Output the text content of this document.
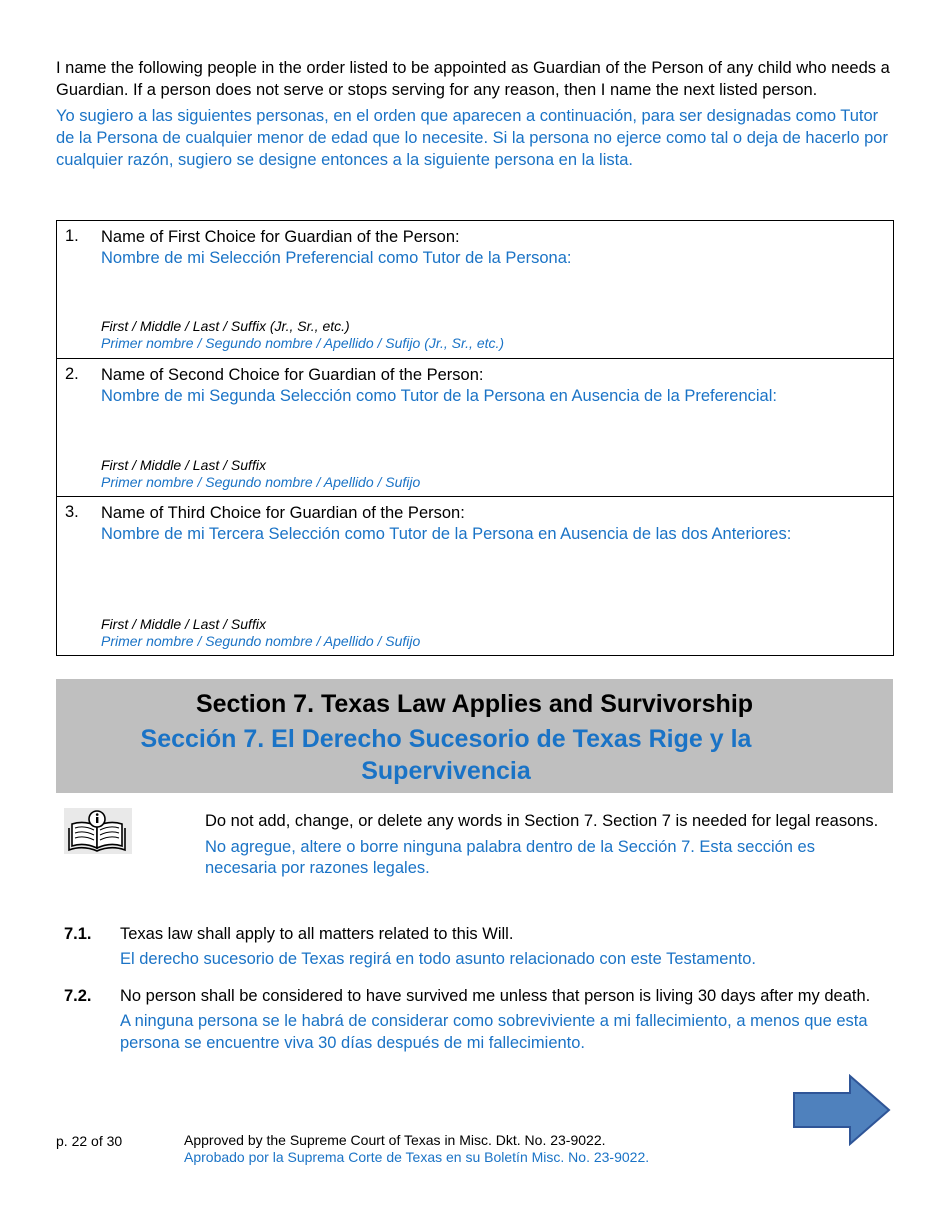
I name the following people in the order listed to be appointed as Guardian of the Person of any child who needs a Guardian. If a person does not serve or stops serving for any reason, then I name the next listed person.
Yo sugiero a las siguientes personas, en el orden que aparecen a continuación, para ser designadas como Tutor de la Persona de cualquier menor de edad que lo necesite. Si la persona no ejerce como tal o deja de hacerlo por cualquier razón, sugiero se designe entonces a la siguiente persona en la lista.
1. Name of First Choice for Guardian of the Person:
Nombre de mi Selección Preferencial como Tutor de la Persona:
First / Middle / Last / Suffix (Jr., Sr., etc.)
Primer nombre / Segundo nombre / Apellido / Sufijo (Jr., Sr., etc.)

2. Name of Second Choice for Guardian of the Person:
Nombre de mi Segunda Selección como Tutor de la Persona en Ausencia de la Preferencial:
First / Middle / Last / Suffix
Primer nombre / Segundo nombre / Apellido / Sufijo

3. Name of Third Choice for Guardian of the Person:
Nombre de mi Tercera Selección como Tutor de la Persona en Ausencia de las dos Anteriores:
First / Middle / Last / Suffix
Primer nombre / Segundo nombre / Apellido / Sufijo
Section 7. Texas Law Applies and Survivorship
Sección 7. El Derecho Sucesorio de Texas Rige y la Supervivencia
Do not add, change, or delete any words in Section 7. Section 7 is needed for legal reasons.
No agregue, altere o borre ninguna palabra dentro de la Sección 7. Esta sección es necesaria por razones legales.
7.1. Texas law shall apply to all matters related to this Will.
El derecho sucesorio de Texas regirá en todo asunto relacionado con este Testamento.
7.2. No person shall be considered to have survived me unless that person is living 30 days after my death.
A ninguna persona se le habrá de considerar como sobreviviente a mi fallecimiento, a menos que esta persona se encuentre viva 30 días después de mi fallecimiento.
p. 22 of 30	Approved by the Supreme Court of Texas in Misc. Dkt. No. 23-9022.
Aprobado por la Suprema Corte de Texas en su Boletín Misc. No. 23-9022.
